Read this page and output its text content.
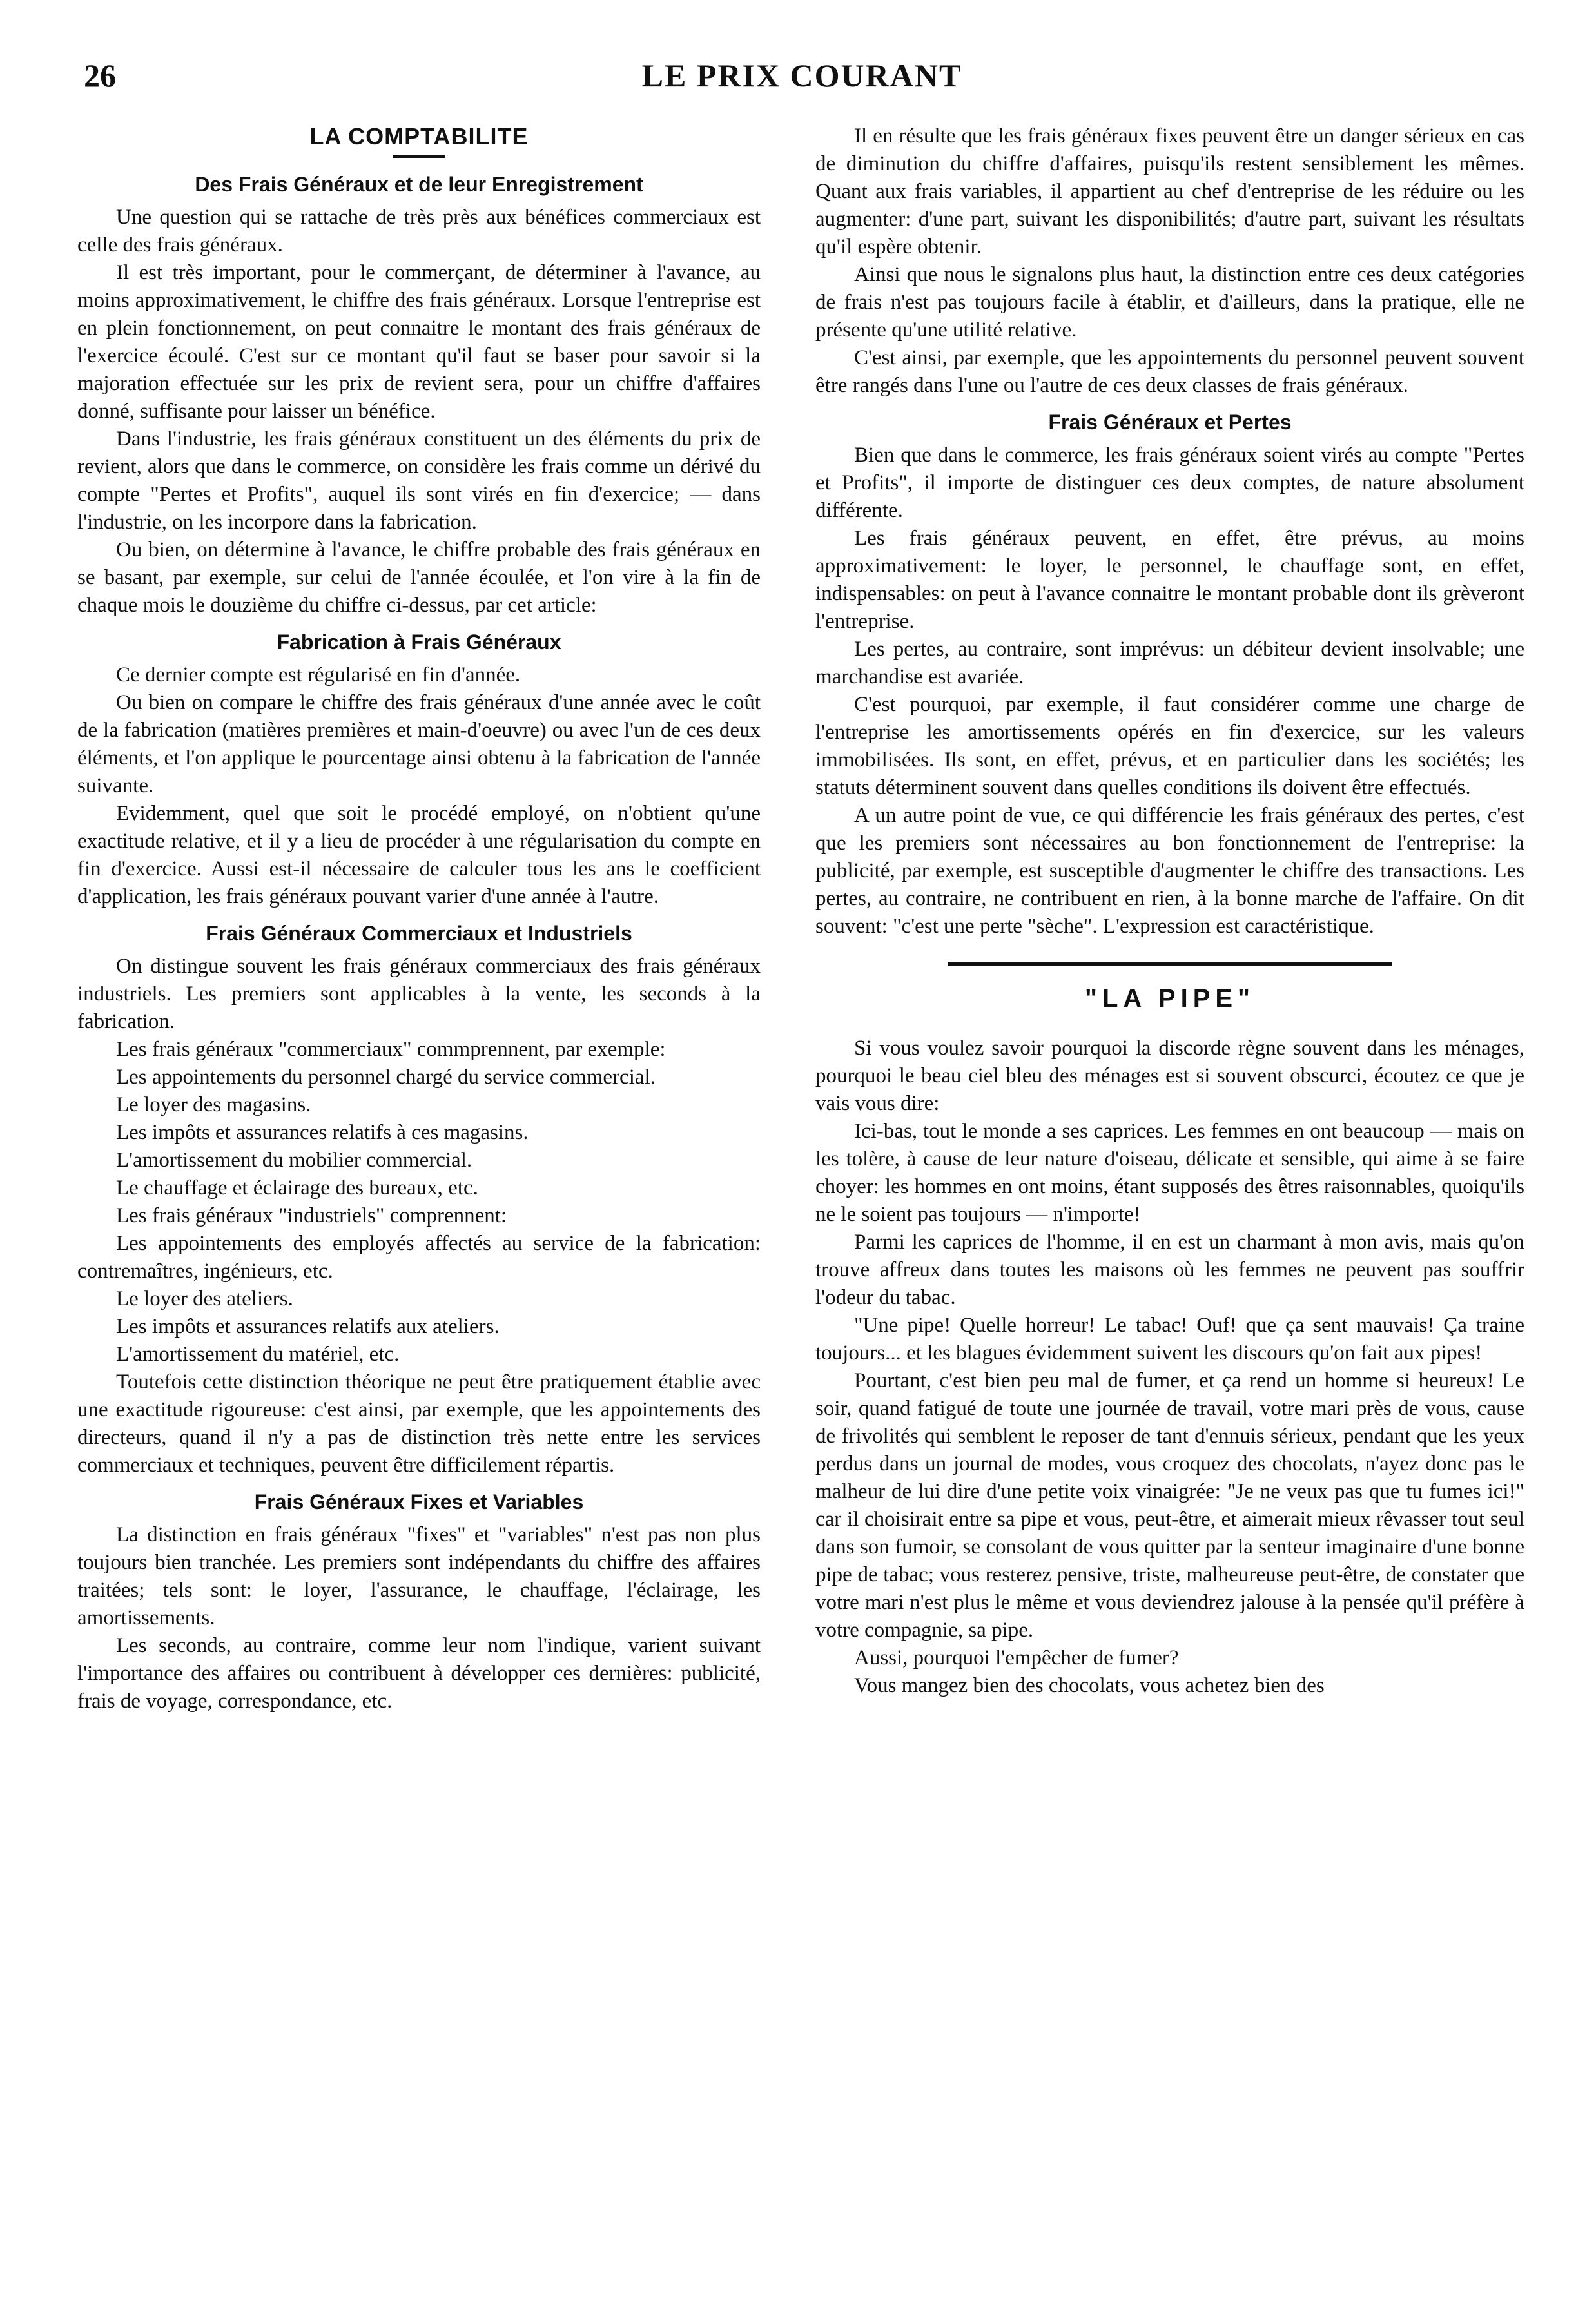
26	LE PRIX COURANT
LA COMPTABILITE
Des Frais Généraux et de leur Enregistrement

Une question qui se rattache de très près aux bénéfices commerciaux est celle des frais généraux.

Il est très important, pour le commerçant, de déterminer à l'avance, au moins approximativement, le chiffre des frais généraux. Lorsque l'entreprise est en plein fonctionnement, on peut connaitre le montant des frais généraux de l'exercice écoulé. C'est sur ce montant qu'il faut se baser pour savoir si la majoration effectuée sur les prix de revient sera, pour un chiffre d'affaires donné, suffisante pour laisser un bénéfice.

Dans l'industrie, les frais généraux constituent un des éléments du prix de revient, alors que dans le commerce, on considère les frais comme un dérivé du compte "Pertes et Profits", auquel ils sont virés en fin d'exercice; — dans l'industrie, on les incorpore dans la fabrication.

Ou bien, on détermine à l'avance, le chiffre probable des frais généraux en se basant, par exemple, sur celui de l'année écoulée, et l'on vire à la fin de chaque mois le douzième du chiffre ci-dessus, par cet article:

Fabrication à Frais Généraux

Ce dernier compte est régularisé en fin d'année.

Ou bien on compare le chiffre des frais généraux d'une année avec le coût de la fabrication (matières premières et main-d'oeuvre) ou avec l'un de ces deux éléments, et l'on applique le pourcentage ainsi obtenu à la fabrication de l'année suivante.

Evidemment, quel que soit le procédé employé, on n'obtient qu'une exactitude relative, et il y a lieu de procéder à une régularisation du compte en fin d'exercice. Aussi est-il nécessaire de calculer tous les ans le coefficient d'application, les frais généraux pouvant varier d'une année à l'autre.

Frais Généraux Commerciaux et Industriels

On distingue souvent les frais généraux commerciaux des frais généraux industriels. Les premiers sont applicables à la vente, les seconds à la fabrication.

Les frais généraux "commerciaux" commprennent, par exemple:

Les appointements du personnel chargé du service commercial.

Le loyer des magasins.

Les impôts et assurances relatifs à ces magasins.

L'amortissement du mobilier commercial.

Le chauffage et éclairage des bureaux, etc.

Les frais généraux "industriels" comprennent:

Les appointements des employés affectés au service de la fabrication: contremaîtres, ingénieurs, etc.

Le loyer des ateliers.

Les impôts et assurances relatifs aux ateliers.

L'amortissement du matériel, etc.

Toutefois cette distinction théorique ne peut être pratiquement établie avec une exactitude rigoureuse: c'est ainsi, par exemple, que les appointements des directeurs, quand il n'y a pas de distinction très nette entre les services commerciaux et techniques, peuvent être difficilement répartis.

Frais Généraux Fixes et Variables

La distinction en frais généraux "fixes" et "variables" n'est pas non plus toujours bien tranchée. Les premiers sont indépendants du chiffre des affaires traitées; tels sont: le loyer, l'assurance, le chauffage, l'éclairage, les amortissements.

Les seconds, au contraire, comme leur nom l'indique, varient suivant l'importance des affaires ou contribuent à développer ces dernières: publicité, frais de voyage, correspondance, etc.

Il en résulte que les frais généraux fixes peuvent être un danger sérieux en cas de diminution du chiffre d'affaires, puisqu'ils restent sensiblement les mêmes. Quant aux frais variables, il appartient au chef d'entreprise de les réduire ou les augmenter: d'une part, suivant les disponibilités; d'autre part, suivant les résultats qu'il espère obtenir.

Ainsi que nous le signalons plus haut, la distinction entre ces deux catégories de frais n'est pas toujours facile à établir, et d'ailleurs, dans la pratique, elle ne présente qu'une utilité relative.

C'est ainsi, par exemple, que les appointements du personnel peuvent souvent être rangés dans l'une ou l'autre de ces deux classes de frais généraux.

Frais Généraux et Pertes

Bien que dans le commerce, les frais généraux soient virés au compte "Pertes et Profits", il importe de distinguer ces deux comptes, de nature absolument différente.

Les frais généraux peuvent, en effet, être prévus, au moins approximativement: le loyer, le personnel, le chauffage sont, en effet, indispensables: on peut à l'avance connaitre le montant probable dont ils grèveront l'entreprise.

Les pertes, au contraire, sont imprévus: un débiteur devient insolvable; une marchandise est avariée.

C'est pourquoi, par exemple, il faut considérer comme une charge de l'entreprise les amortissements opérés en fin d'exercice, sur les valeurs immobilisées. Ils sont, en effet, prévus, et en particulier dans les sociétés; les statuts déterminent souvent dans quelles conditions ils doivent être effectués.

A un autre point de vue, ce qui différencie les frais généraux des pertes, c'est que les premiers sont nécessaires au bon fonctionnement de l'entreprise: la publicité, par exemple, est susceptible d'augmenter le chiffre des transactions. Les pertes, au contraire, ne contribuent en rien, à la bonne marche de l'affaire. On dit souvent: "c'est une perte "sèche". L'expression est caractéristique.

"LA PIPE"

Si vous voulez savoir pourquoi la discorde règne souvent dans les ménages, pourquoi le beau ciel bleu des ménages est si souvent obscurci, écoutez ce que je vais vous dire:

Ici-bas, tout le monde a ses caprices. Les femmes en ont beaucoup — mais on les tolère, à cause de leur nature d'oiseau, délicate et sensible, qui aime à se faire choyer: les hommes en ont moins, étant supposés des êtres raisonnables, quoiqu'ils ne le soient pas toujours — n'importe!

Parmi les caprices de l'homme, il en est un charmant à mon avis, mais qu'on trouve affreux dans toutes les maisons où les femmes ne peuvent pas souffrir l'odeur du tabac.

"Une pipe! Quelle horreur! Le tabac! Ouf! que ça sent mauvais! Ça traine toujours... et les blagues évidemment suivent les discours qu'on fait aux pipes!

Pourtant, c'est bien peu mal de fumer, et ça rend un homme si heureux! Le soir, quand fatigué de toute une journée de travail, votre mari près de vous, cause de frivolités qui semblent le reposer de tant d'ennuis sérieux, pendant que les yeux perdus dans un journal de modes, vous croquez des chocolats, n'ayez donc pas le malheur de lui dire d'une petite voix vinaigrée: "Je ne veux pas que tu fumes ici!" car il choisirait entre sa pipe et vous, peut-être, et aimerait mieux rêvasser tout seul dans son fumoir, se consolant de vous quitter par la senteur imaginaire d'une bonne pipe de tabac; vous resterez pensive, triste, malheureuse peut-être, de constater que votre mari n'est plus le même et vous deviendrez jalouse à la pensée qu'il préfère à votre compagnie, sa pipe.

Aussi, pourquoi l'empêcher de fumer?

Vous mangez bien des chocolats, vous achetez bien des
